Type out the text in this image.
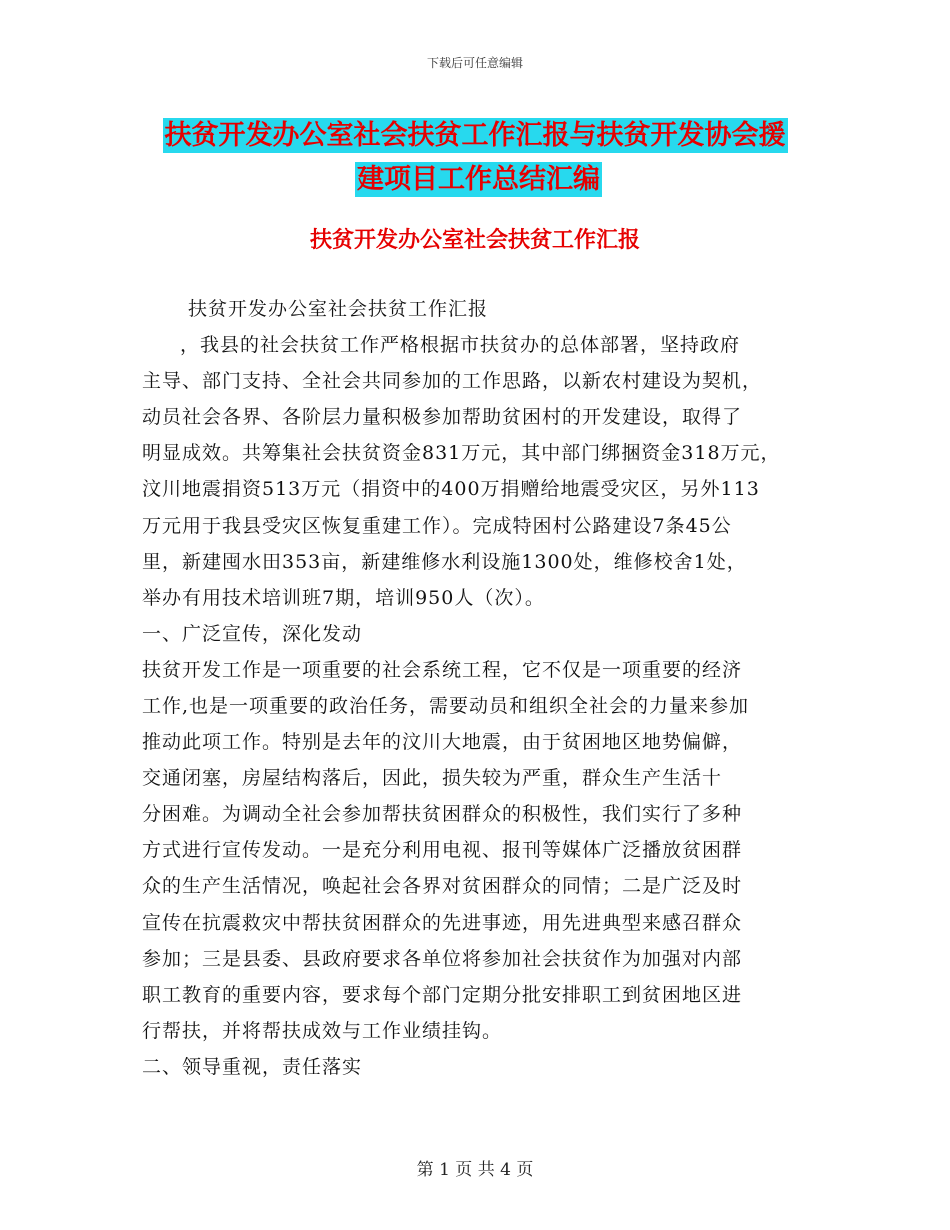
下载后可任意编辑
扶贫开发办公室社会扶贫工作汇报与扶贫开发协会援
建项目工作总结汇编
扶贫开发办公室社会扶贫工作汇报
扶贫开发办公室社会扶贫工作汇报
，我县的社会扶贫工作严格根据市扶贫办的总体部署，坚持政府
主导、部门支持、全社会共同参加的工作思路，以新农村建设为契机，
动员社会各界、各阶层力量积极参加帮助贫困村的开发建设，取得了
明显成效。共筹集社会扶贫资金831万元，其中部门绑捆资金318万元，
汶川地震捐资513万元（捐资中的400万捐赠给地震受灾区，另外113
万元用于我县受灾区恢复重建工作）。完成特困村公路建设7条45公
里，新建囤水田353亩，新建维修水利设施1300处，维修校舍1处，
举办有用技术培训班7期，培训950人（次）。
一、广泛宣传，深化发动
扶贫开发工作是一项重要的社会系统工程，它不仅是一项重要的经济
工作,也是一项重要的政治任务，需要动员和组织全社会的力量来参加
推动此项工作。特别是去年的汶川大地震，由于贫困地区地势偏僻，
交通闭塞，房屋结构落后，因此，损失较为严重，群众生产生活十
分困难。为调动全社会参加帮扶贫困群众的积极性，我们实行了多种
方式进行宣传发动。一是充分利用电视、报刊等媒体广泛播放贫困群
众的生产生活情况，唤起社会各界对贫困群众的同情；二是广泛及时
宣传在抗震救灾中帮扶贫困群众的先进事迹，用先进典型来感召群众
参加；三是县委、县政府要求各单位将参加社会扶贫作为加强对内部
职工教育的重要内容，要求每个部门定期分批安排职工到贫困地区进
行帮扶，并将帮扶成效与工作业绩挂钩。
二、领导重视，责任落实
第 1 页 共 4 页
